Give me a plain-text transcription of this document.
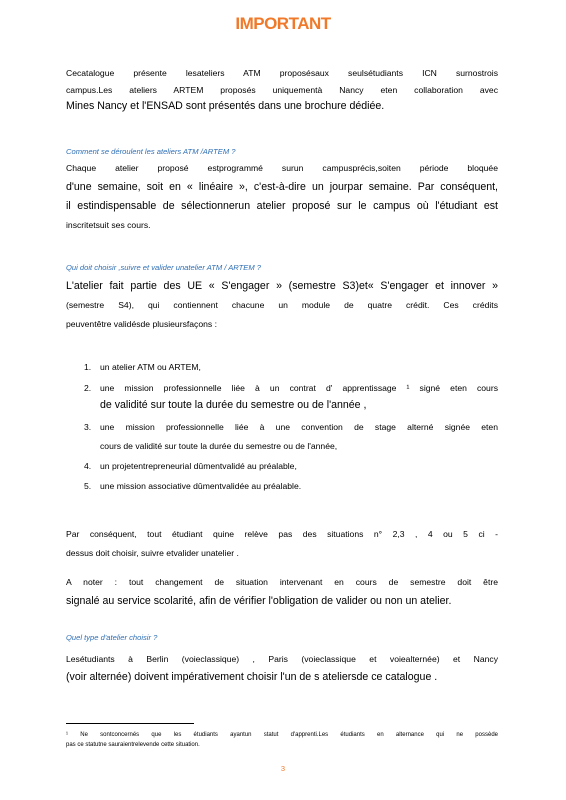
IMPORTANT
Cecatalogue présente lesateliers ATM proposésaux seulsétudiants ICN surnostrois
campus.Les ateliers ARTEM proposés uniquementà Nancy eten collaboration avec
Mines Nancy et l'ENSAD sont présentés dans une brochure dédiée.
Comment se déroulent les ateliers ATM /ARTEM ?
Chaque atelier proposé estprogrammé surun campusprécis,soiten période bloquée
d'une semaine, soit en « linéaire », c'est-à-dire un jourpar semaine. Par conséquent,
il estindispensable de sélectionnerun atelier proposé sur le campus où l'étudiant est
inscritetsuit ses cours.
Qui doit choisir ,suivre et valider unatelier ATM / ARTEM ?
L'atelier fait partie des UE « S'engager » (semestre S3)et« S'engager et innover »
(semestre S4), qui contiennent chacune un module de quatre crédit. Ces crédits
peuventêtre validésde plusieursfaçons :
1.	un atelier ATM ou ARTEM,
2.	une mission professionnelle liée à un contrat d' apprentissage ¹ signé eten cours
de validité sur toute la durée du semestre ou de l'année ,
3.	une mission professionnelle liée à une convention de stage alterné signée eten
cours de validité sur toute la durée du semestre ou de l'année,
4.	un projetentrepreneurial dûmentvalidé au préalable,
5.	une mission associative dûmentvalidée au préalable.
Par conséquent, tout étudiant quine relève pas des situations n° 2,3 , 4 ou 5 ci -
dessus doit choisir, suivre etvalider unatelier .
A noter : tout changement de situation intervenant en cours de semestre doit être
signalé au service scolarité, afin de vérifier l'obligation de valider ou non un atelier.
Quel type d'atelier choisir ?
Lesétudiants à Berlin (voieclassique) , Paris (voieclassique et voiealternée) et Nancy
(voir alternée) doivent impérativement choisir l'un de s ateliersde ce catalogue .
¹ Ne sontconcernés que les étudiants ayantun statut d'apprenti.Les étudiants en alternance qui ne possède
pas ce statutne sauraientrelevende cette situation.
3
